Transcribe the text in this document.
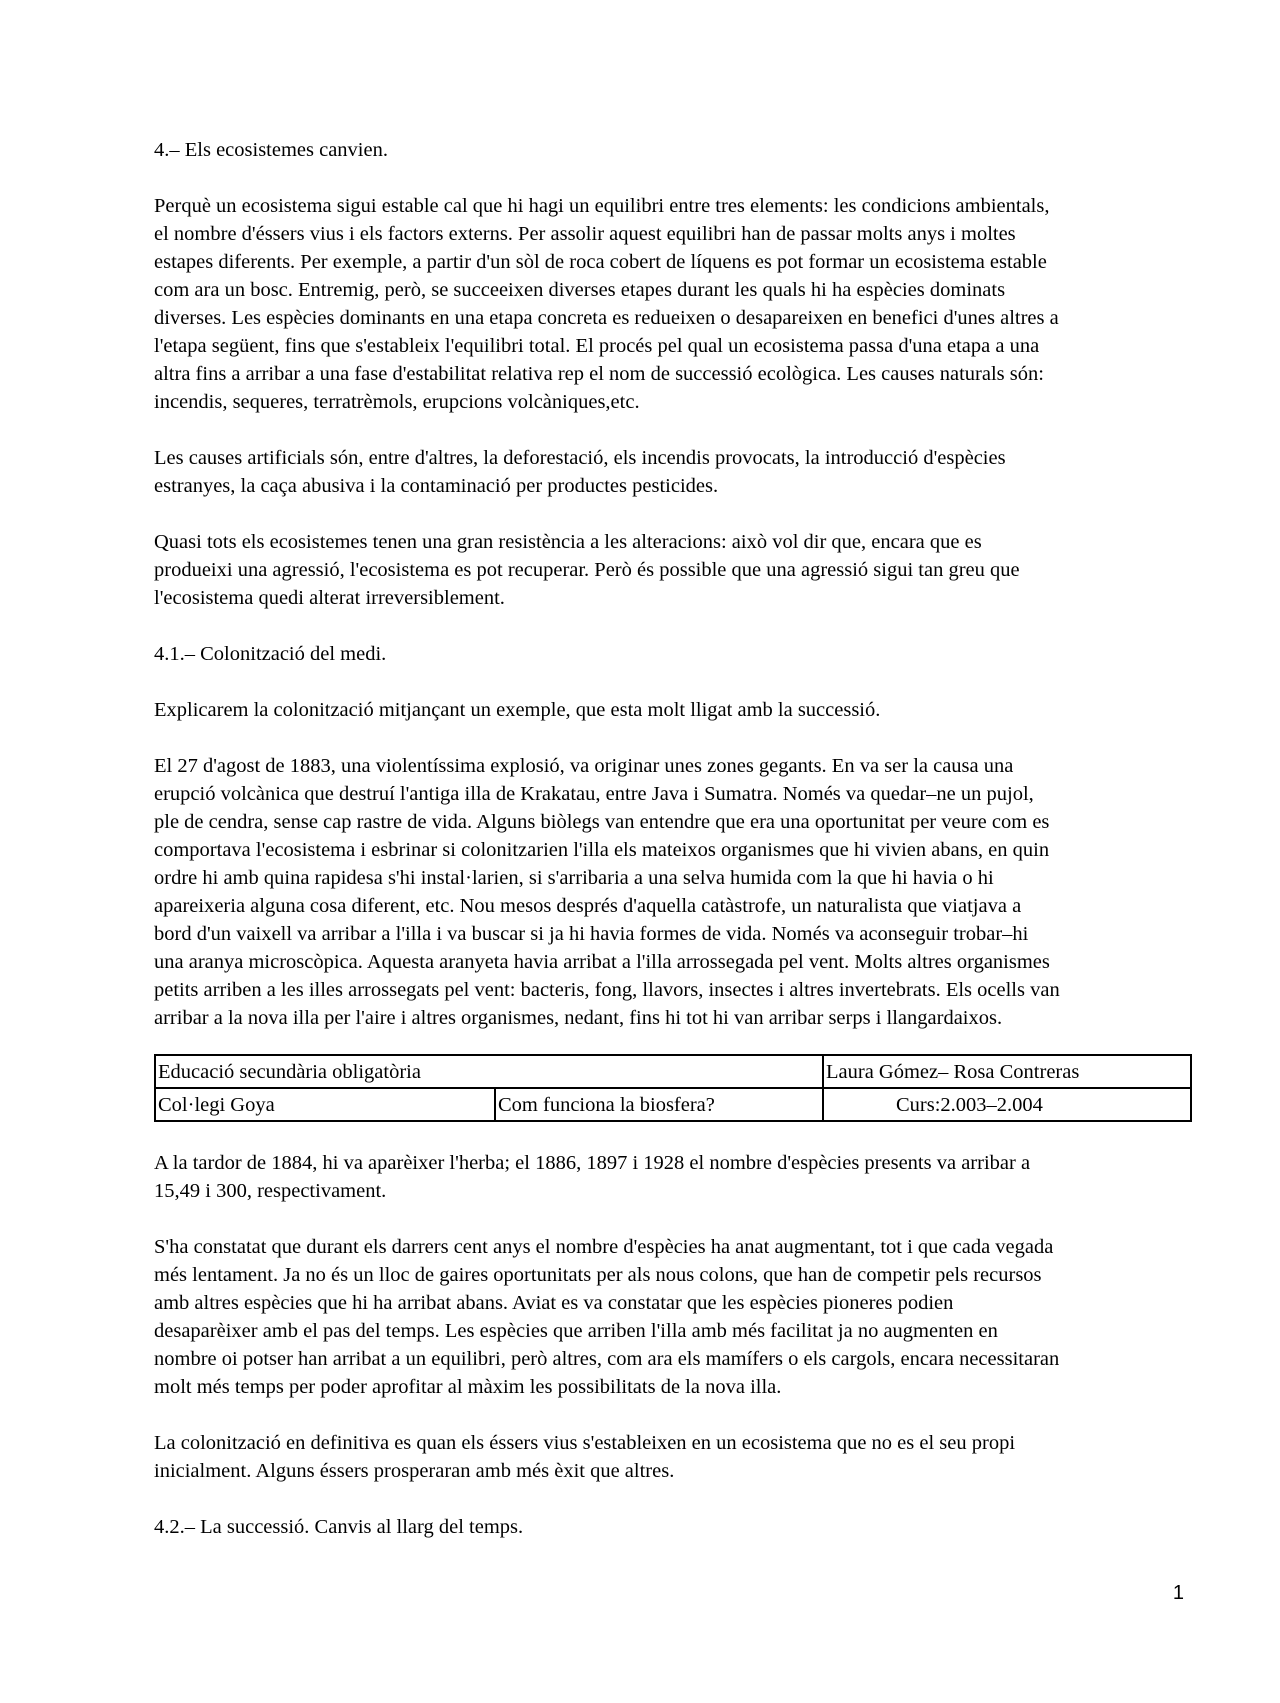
4.– Els ecosistemes canvien.

Perquè un ecosistema sigui estable cal que hi hagi un equilibri entre tres elements: les condicions ambientals,

el nombre d'éssers vius i els factors externs. Per assolir aquest equilibri han de passar molts anys i moltes

estapes diferents. Per exemple, a partir d'un sòl de roca cobert de líquens es pot formar un ecosistema estable

com ara un bosc. Entremig, però, se succeeixen diverses etapes durant les quals hi ha espècies dominats

diverses. Les espècies dominants en una etapa concreta es redueixen o desapareixen en benefici d'unes altres a

l'etapa següent, fins que s'estableix l'equilibri total. El procés pel qual un ecosistema passa d'una etapa a una

altra fins a arribar a una fase d'estabilitat relativa rep el nom de successió ecològica. Les causes naturals són:

incendis, sequeres, terratrèmols, erupcions volcàniques,etc.

Les causes artificials són, entre d'altres, la deforestació, els incendis provocats, la introducció d'espècies

estranyes, la caça abusiva i la contaminació per productes pesticides.

Quasi tots els ecosistemes tenen una gran resistència a les alteracions: això vol dir que, encara que es

produeixi una agressió, l'ecosistema es pot recuperar. Però és possible que una agressió sigui tan greu que

l'ecosistema quedi alterat irreversiblement.

4.1.– Colonització del medi.

Explicarem la colonització mitjançant un exemple, que esta molt lligat amb la successió.

El 27 d'agost de 1883, una violentíssima explosió, va originar unes zones gegants. En va ser la causa una

erupció volcànica que destruí l'antiga illa de Krakatau, entre Java i Sumatra. Només va quedar–ne un pujol,

ple de cendra, sense cap rastre de vida. Alguns biòlegs van entendre que era una oportunitat per veure com es

comportava l'ecosistema i esbrinar si colonitzarien l'illa els mateixos organismes que hi vivien abans, en quin

ordre hi amb quina rapidesa s'hi instal·larien, si s'arribaria a una selva humida com la que hi havia o hi

apareixeria alguna cosa diferent, etc. Nou mesos després d'aquella catàstrofe, un naturalista que viatjava a

bord d'un vaixell va arribar a l'illa i va buscar si ja hi havia formes de vida. Només va aconseguir trobar–hi

una aranya microscòpica. Aquesta aranyeta havia arribat a l'illa arrossegada pel vent. Molts altres organismes

petits arriben a les illes arrossegats pel vent: bacteris, fong, llavors, insectes i altres invertebrats. Els ocells van

arribar a la nova illa per l'aire i altres organismes, nedant, fins hi tot hi van arribar serps i llangardaixos.

Educació secundària obligatòria		Laura Gómez– Rosa Contreras
Col·legi Goya	Com funciona la biosfera?	Curs:2.003–2.004

A la tardor de 1884, hi va aparèixer l'herba; el 1886, 1897 i 1928 el nombre d'espècies presents va arribar a

15,49 i 300, respectivament.

S'ha constatat que durant els darrers cent anys el nombre d'espècies ha anat augmentant, tot i que cada vegada

més lentament. Ja no és un lloc de gaires oportunitats per als nous colons, que han de competir pels recursos

amb altres espècies que hi ha arribat abans. Aviat es va constatar que les espècies pioneres podien

desaparèixer amb el pas del temps. Les espècies que arriben l'illa amb més facilitat ja no augmenten en

nombre oi potser han arribat a un equilibri, però altres, com ara els mamífers o els cargols, encara necessitaran

molt més temps per poder aprofitar al màxim les possibilitats de la nova illa.

La colonització en definitiva es quan els éssers vius s'estableixen en un ecosistema que no es el seu propi

inicialment. Alguns éssers prosperaran amb més èxit que altres.

4.2.– La successió. Canvis al llarg del temps.

1
